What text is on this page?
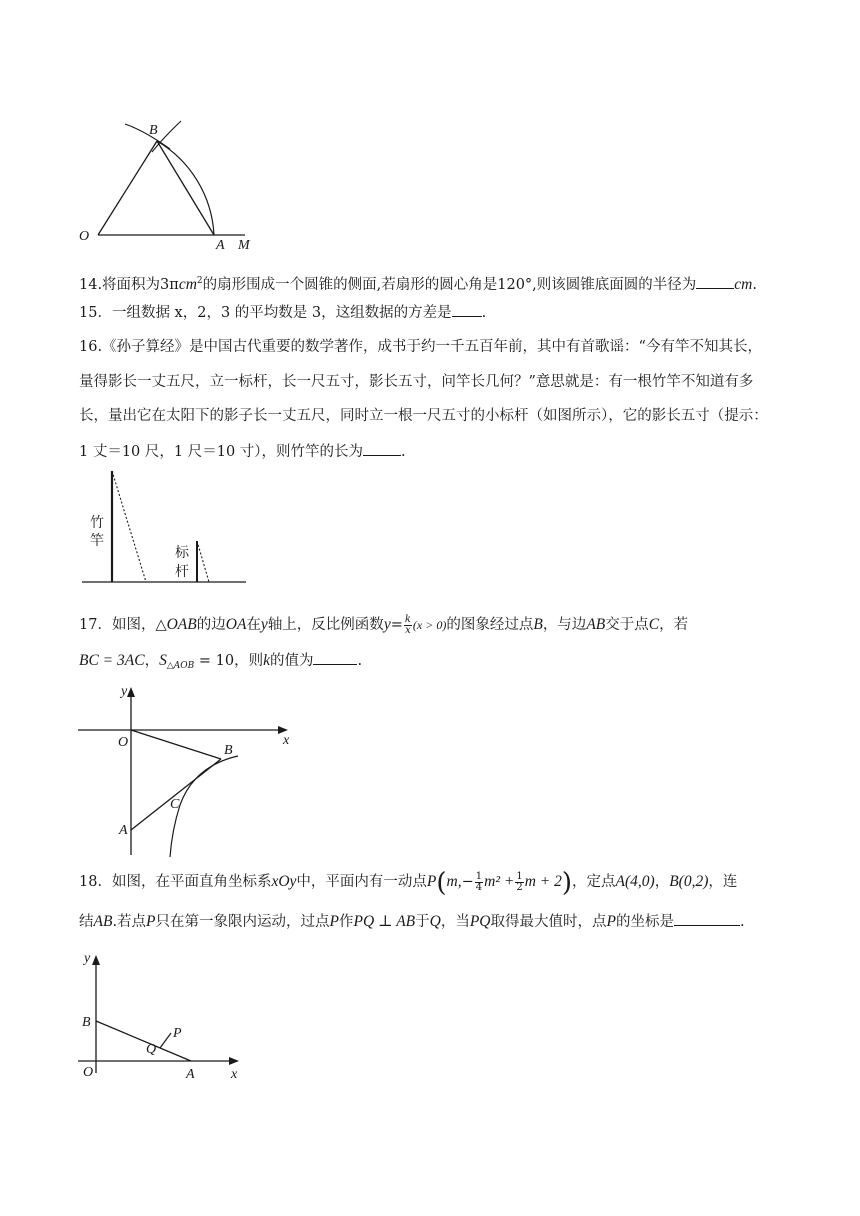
B
O
A M
14.将面积为3πcm$^2$的扇形围成一个圆锥的侧面,若扇形的圆心角是120°,则该圆锥底面圆的半径为 cm.
15．一组数据 x，2，3 的平均数是 3，这组数据的方差是 .
16.《孙子算经》是中国古代重要的数学著作，成书于约一千五百年前，其中有首歌谣：“今有竿不知其长，
量得影长一丈五尺，立一标杆，长一尺五寸，影长五寸，问竿长几何？”意思就是：有一根竹竿不知道有多
长，量出它在太阳下的影子长一丈五尺，同时立一根一尺五寸的小标杆（如图所示），它的影长五寸（提示：
1 丈＝10 尺，1 尺＝10 寸），则竹竿的长为	.
竹
竿
标
杆
17．如图，△OAB的边OA在y轴上，反比例函数$y= \frac{k}{x} (x > 0)$的图象经过点B，与边AB交于点C，若
BC = 3AC，$S_{\triangle AOB} = 10$，则k的值为	.
y
x
O
B
C
A
18．如图，在平面直角坐标系xOy中，平面内有一动点$P(m,- \frac{1}{4} m^2 + \frac{1}{2}$ m + 2)，定点A(4,0)，B(0,2)，连
结AB.若点P只在第一象限内运动，过点P作PQ ⊥ AB于Q，当PQ取得最大值时，点P的坐标是	.
y
B
P
Q
O	A	x
